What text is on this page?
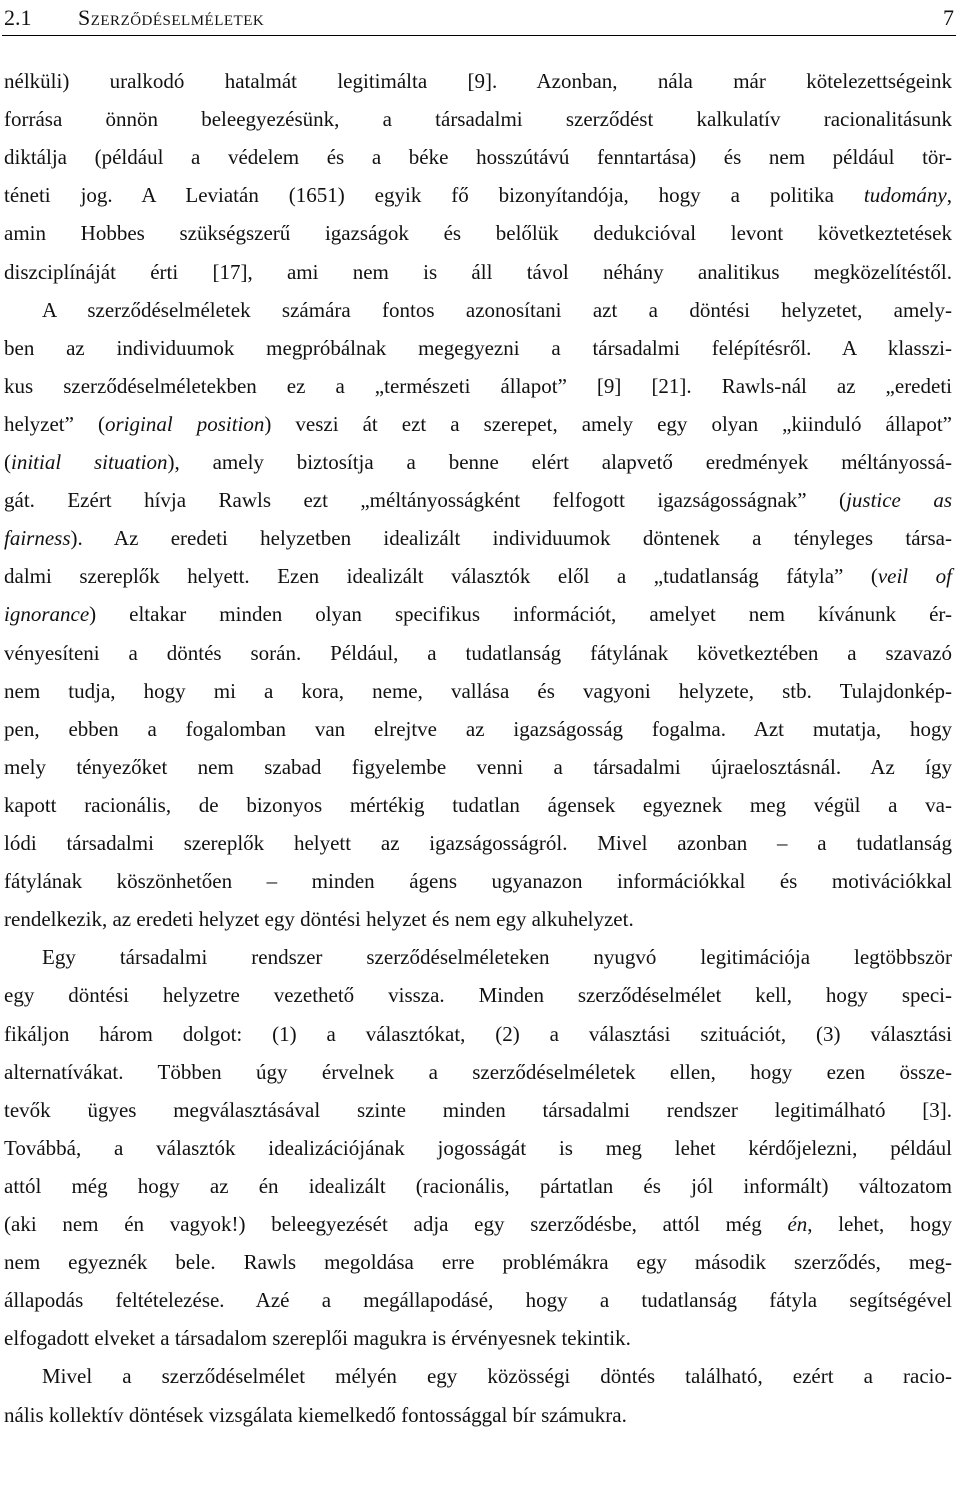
2.1 Szerződéselméletek	7
nélküli) uralkodó hatalmát legitimálta [9]. Azonban, nála már kötelezettségeink
forrása önnön beleegyezésünk, a társadalmi szerződést kalkulatív racionalitásunk
diktálja (például a védelem és a béke hosszútávú fenntartása) és nem például tör-
téneti jog. A Leviatán (1651) egyik fő bizonyítandója, hogy a politika tudomány,
amin Hobbes szükségszerű igazságok és belőlük dedukcióval levont következtetések
diszciplínáját érti [17], ami nem is áll távol néhány analitikus megközelítéstől.
A szerződéselméletek számára fontos azonosítani azt a döntési helyzetet, amely-
ben az individuumok megpróbálnak megegyezni a társadalmi felépítésről. A klasszi-
kus szerződéselméletekben ez a „természeti állapot” [9] [21]. Rawls-nál az „eredeti
helyzet” (original position) veszi át ezt a szerepet, amely egy olyan „kiinduló állapot”
(initial situation), amely biztosítja a benne elért alapvető eredmények méltányossá-
gát. Ezért hívja Rawls ezt „méltányosságként felfogott igazságosságnak” (justice as
fairness). Az eredeti helyzetben idealizált individuumok döntenek a tényleges társa-
dalmi szereplők helyett. Ezen idealizált választók elől a „tudatlanság fátyla” (veil of
ignorance) eltakar minden olyan specifikus információt, amelyet nem kívánunk ér-
vényesíteni a döntés során. Például, a tudatlanság fátylának következtében a szavazó
nem tudja, hogy mi a kora, neme, vallása és vagyoni helyzete, stb. Tulajdonkép-
pen, ebben a fogalomban van elrejtve az igazságosság fogalma. Azt mutatja, hogy
mely tényezőket nem szabad figyelembe venni a társadalmi újraelosztásnál. Az így
kapott racionális, de bizonyos mértékig tudatlan ágensek egyeznek meg végül a va-
lódi társadalmi szereplők helyett az igazságosságról. Mivel azonban – a tudatlanság
fátylának köszönhetően – minden ágens ugyanazon információkkal és motivációkkal
rendelkezik, az eredeti helyzet egy döntési helyzet és nem egy alkuhelyzet.
Egy társadalmi rendszer szerződéselméleteken nyugvó legitimációja legtöbbször
egy döntési helyzetre vezethető vissza. Minden szerződéselmélet kell, hogy speci-
fikáljon három dolgot: (1) a választókat, (2) a választási szituációt, (3) választási
alternatívákat. Többen úgy érvelnek a szerződéselméletek ellen, hogy ezen össze-
tevők ügyes megválasztásával szinte minden társadalmi rendszer legitimálható [3].
Továbbá, a választók idealizációjának jogosságát is meg lehet kérdőjelezni, például
attól még hogy az én idealizált (racionális, pártatlan és jól informált) változatom
(aki nem én vagyok!) beleegyezését adja egy szerződésbe, attól még én, lehet, hogy
nem egyeznék bele. Rawls megoldása erre problémákra egy második szerződés, meg-
állapodás feltételezése. Azé a megállapodásé, hogy a tudatlanság fátyla segítségével
elfogadott elveket a társadalom szereplői magukra is érvényesnek tekintik.
Mivel a szerződéselmélet mélyén egy közösségi döntés található, ezért a racio-
nális kollektív döntések vizsgálata kiemelkedő fontossággal bír számukra.
